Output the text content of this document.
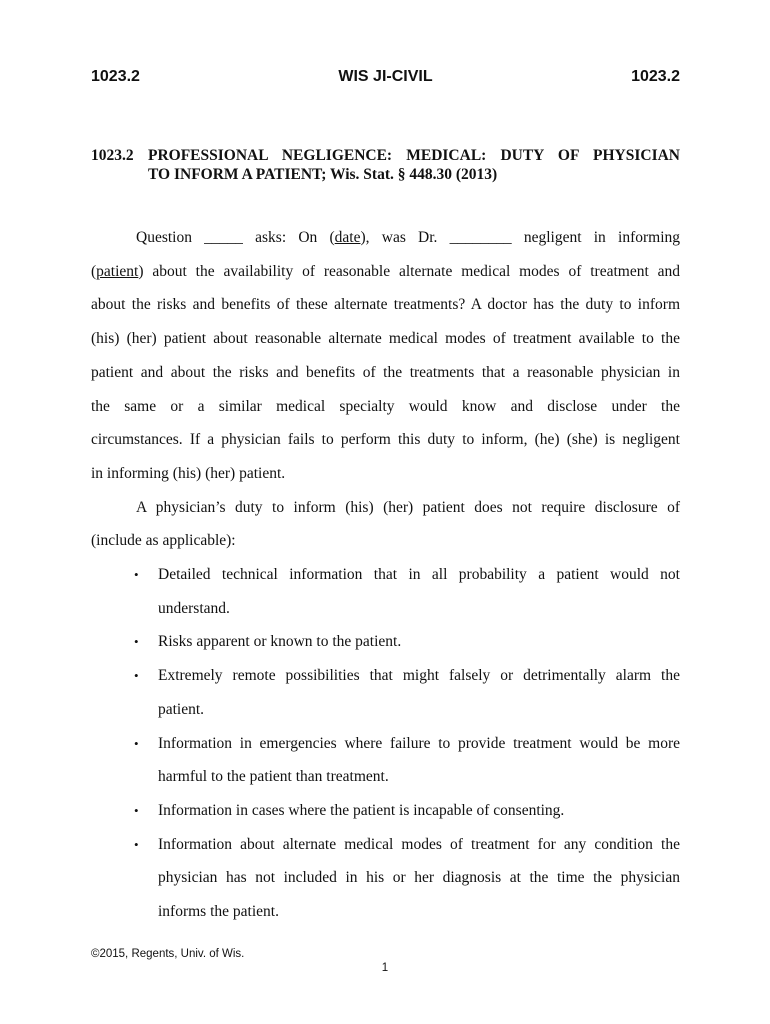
1023.2	WIS JI-CIVIL	1023.2
1023.2 PROFESSIONAL NEGLIGENCE: MEDICAL: DUTY OF PHYSICIAN
TO INFORM A PATIENT; Wis. Stat. § 448.30 (2013)
Question _____ asks: On (date), was Dr. ________ negligent in informing
(patient) about the availability of reasonable alternate medical modes of treatment and
about the risks and benefits of these alternate treatments? A doctor has the duty to inform
(his) (her) patient about reasonable alternate medical modes of treatment available to the
patient and about the risks and benefits of the treatments that a reasonable physician in
the same or a similar medical specialty would know and disclose under the
circumstances. If a physician fails to perform this duty to inform, (he) (she) is negligent
in informing (his) (her) patient.
A physician’s duty to inform (his) (her) patient does not require disclosure of
(include as applicable):
• Detailed technical information that in all probability a patient would not
understand.
• Risks apparent or known to the patient.
• Extremely remote possibilities that might falsely or detrimentally alarm the
patient.
• Information in emergencies where failure to provide treatment would be more
harmful to the patient than treatment.
• Information in cases where the patient is incapable of consenting.
• Information about alternate medical modes of treatment for any condition the
physician has not included in his or her diagnosis at the time the physician
informs the patient.
©2015, Regents, Univ. of Wis.
1
